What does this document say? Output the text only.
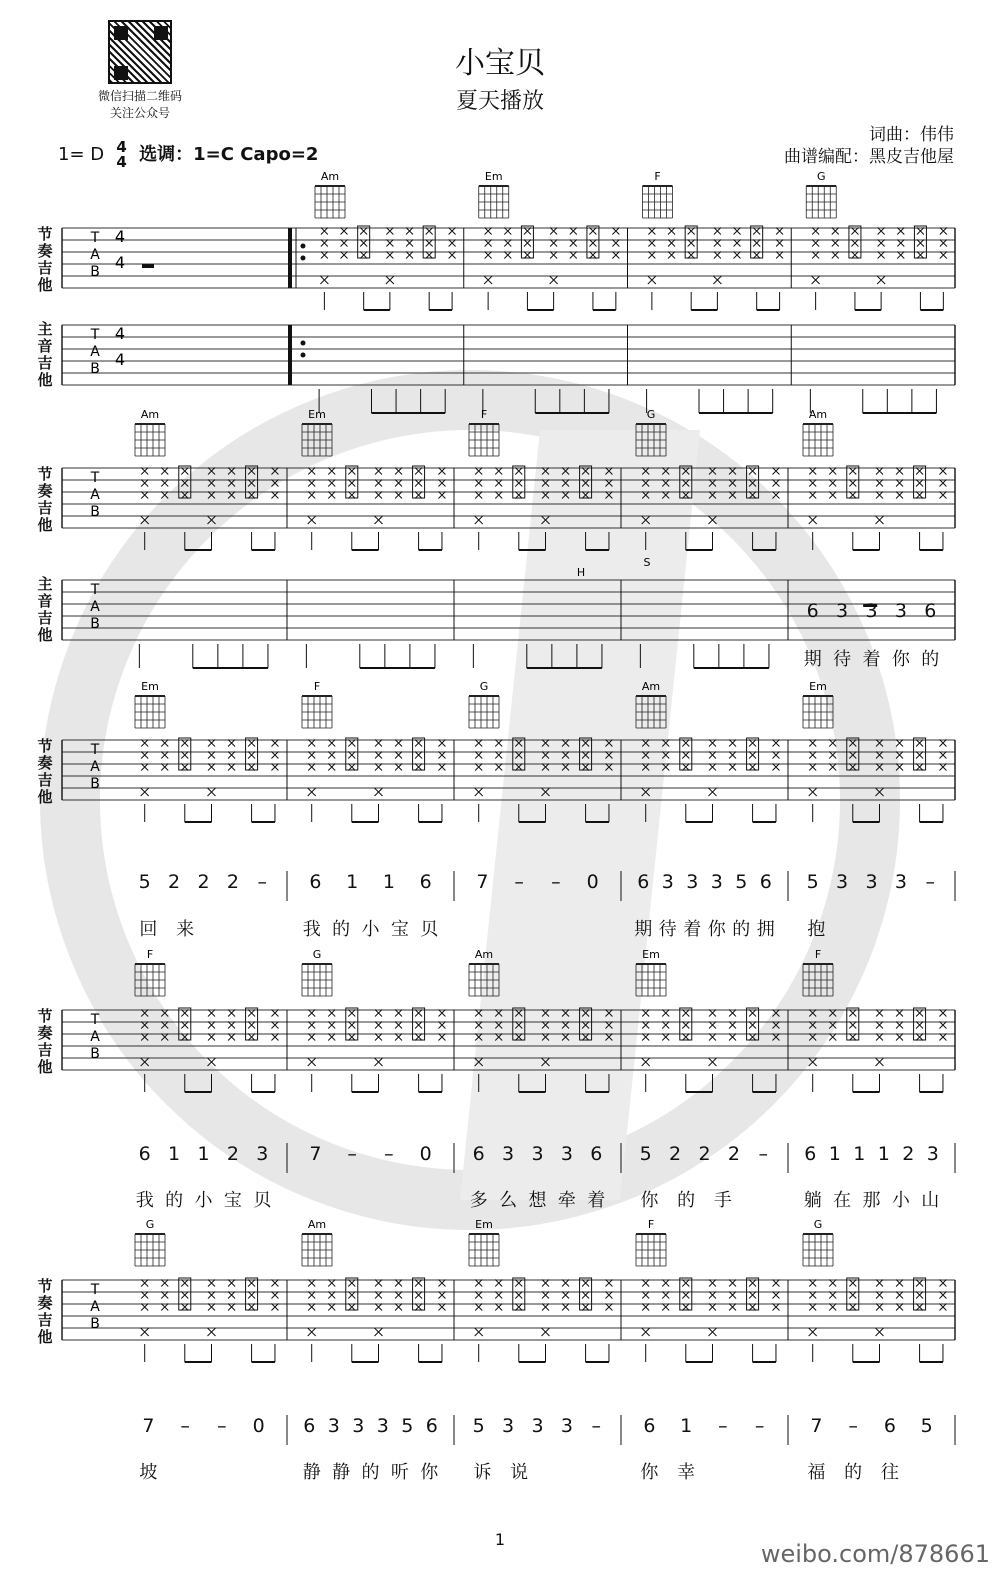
微信扫描二维码
关注公众号
小宝贝
夏天播放
词曲：伟伟
曲谱编配：黑皮吉他屋
1= D 4
4 选调：1=C Capo=2
T
A
B
4
4
Am	Em	F	G
T
A
B
4
4
T
A
B
Am	Em	F	G	Am
T
A
B
H
S
T
A
B
Em	F	G	Am	Em
T
A
B
F	G	Am	Em	F
T
A
B
G	Am	Em	F	G
节奏吉他
主音吉他
节奏吉他
主音吉他
6 3 3 3 6
期 待 着 你 的
节奏吉他
5 2 2 2 –
回 来
6 1 1 6
我 的 小 宝 贝
7	–	–	0 6 3 3 3 5 6
期 待 着 你 的 拥
5 3 3 3 –
抱
节奏吉他
6 1 1 2 3
我 的 小 宝 贝
7	–	–	0 6 3 3 3 6
多 么 想 牵 着
5 2 2 2 –
你 的 手
6 1 1 1 2 3
躺 在 那 小 山
节奏吉他
7	–	–	0
坡
6 3 3 3 5 6
静 静 的 听 你
5 3 3 3 –
诉 说
6 1	–	–
你 幸
7	–	6 5
福 的 往
1
weibo.com/878661
